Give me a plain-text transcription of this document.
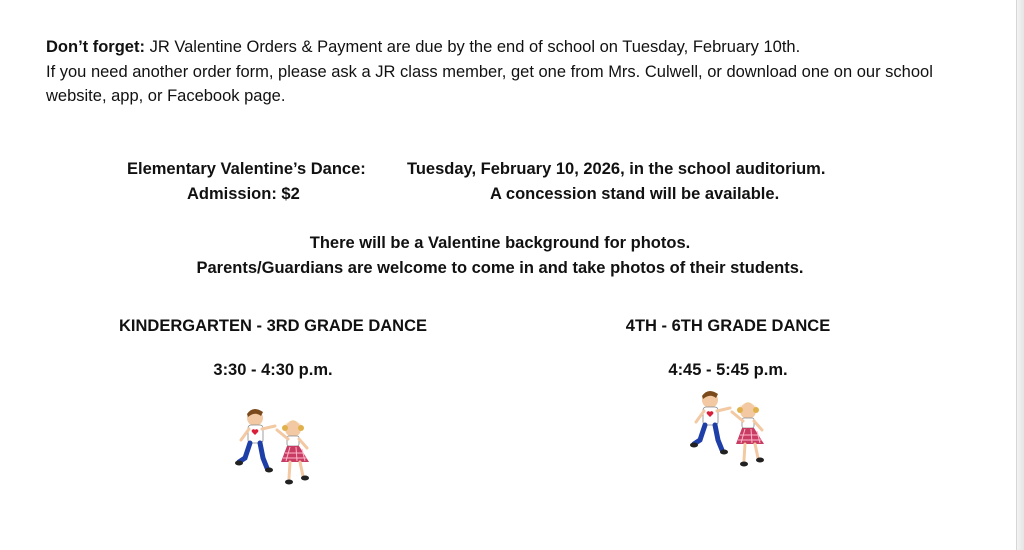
Don’t forget: JR Valentine Orders & Payment are due by the end of school on Tuesday, February 10th.
If you need another order form, please ask a JR class member, get one from Mrs. Culwell, or download one on our school website, app, or Facebook page.
Elementary Valentine’s Dance:	Tuesday, February 10, 2026, in the school auditorium.
Admission: $2	A concession stand will be available.
There will be a Valentine background for photos.
Parents/Guardians are welcome to come in and take photos of their students.
KINDERGARTEN - 3RD GRADE DANCE
3:30 - 4:30 p.m.
4TH - 6TH GRADE DANCE
4:45 - 5:45 p.m.
